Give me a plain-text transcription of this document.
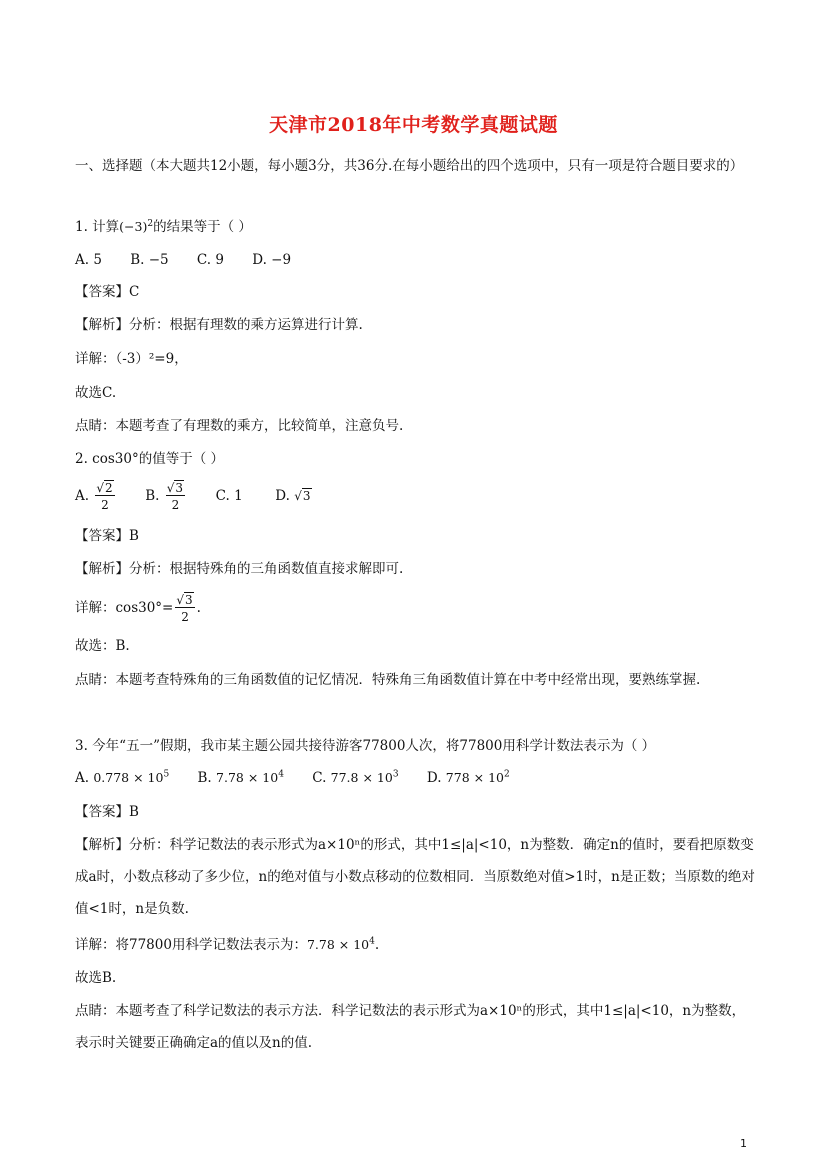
天津市2018年中考数学真题试题
一、选择题（本大题共12小题，每小题3分，共36分.在每小题给出的四个选项中，只有一项是符合题目要求的）
1. 计算$(-3)^2$的结果等于（ ）
A. 5 B. −5 C. 9 D. −9
【答案】C
【解析】分析：根据有理数的乘方运算进行计算.
详解：（-3）²=9，
故选C.
点睛：本题考查了有理数的乘方，比较简单，注意负号.
2. cos30°的值等于（ ）
A. $\frac{√2}{2} B$. $\frac{√3}{2} C$. 1 D. √3
【答案】B
【解析】分析：根据特殊角的三角函数值直接求解即可.
详解：$\cos 30^\circ= \frac{√3}{2}$ .
故选：B.
点睛：本题考查特殊角的三角函数值的记忆情况．特殊角三角函数值计算在中考中经常出现，要熟练掌握.
3. 今年“五一”假期，我市某主题公园共接待游客77800人次，将77800用科学计数法表示为（ ）
A. $0.778 \times 10^5$ B. $7.78 \times 10^4$ C. $77.8 \times 10^3$ D. $778 \times 10^2$
【答案】B
【解析】分析：科学记数法的表示形式为a×10ⁿ的形式，其中1≤|a|<10，n为整数．确定n的值时，要看把原数变成a时，小数点移动了多少位，n的绝对值与小数点移动的位数相同．当原数绝对值>1时，n是正数；当原数的绝对值<1时，n是负数.
详解：将77800用科学记数法表示为：$7.78 \times 10^4$.
故选B.
点睛：本题考查了科学记数法的表示方法．科学记数法的表示形式为a×10ⁿ的形式，其中1≤|a|<10，n为整数，表示时关键要正确确定a的值以及n的值.
1
